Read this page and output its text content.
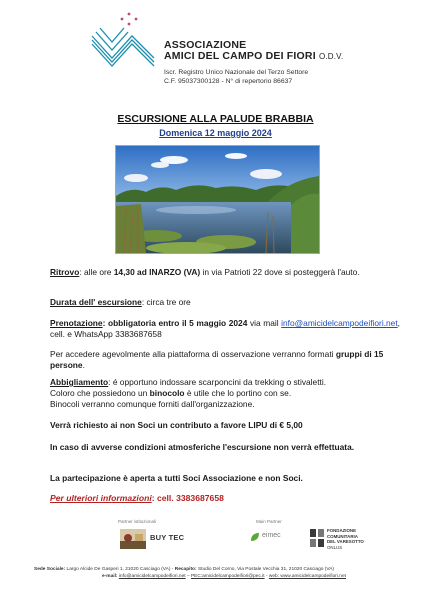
ASSOCIAZIONE
AMICI DEL CAMPO DEI FIORI O.D.V.
Iscr. Registro Unico Nazionale del Terzo Settore
C.F. 95037300128 - N° di repertorio 86637
ESCURSIONE ALLA PALUDE BRABBIA
Domenica 12 maggio 2024
Ritrovo: alle ore 14,30 ad INARZO (VA) in via Patrioti 22 dove si posteggerà l'auto.
Durata dell' escursione: circa tre ore
Prenotazione: obbligatoria entro il 5 maggio 2024 via mail info@amicidelcampodeifiori.net, cell. e WhatsApp 3383687658
Per accedere agevolmente alla piattaforma di osservazione verranno formati gruppi di 15 persone.
Abbigliamento: é opportuno indossare scarponcini da trekking o stivaletti.
Coloro che possiedono un binocolo è utile che lo portino con se.
Binocoli verranno comunque forniti dall'organizzazione.
Verrà richiesto ai non Soci un contributo a favore LIPU di € 5,00
In caso di avverse condizioni atmosferiche l'escursione non verrà effettuata.
La partecipazione è aperta a tutti Soci Associazione e non Soci.
Per ulteriori informazioni: cell. 3383687658
Partner istituzionali	Main Partner
BUY TEC	eimec
FONDAZIONE
COMUNITARIA
DEL VARESOTTO
ONLUS
Sede Sociale: Largo Alcide De Gasperi 1, 21020 Casciago (VA) - Recapito: Studio Del Corno, Via Postale Vecchia 31, 21020 Casciago (VA)
e-mail: info@amicidelcampodeifiori.net – PEC:amicidelcampodeifiori@pec.it - web: www.amicidelcampodeifiori.net
